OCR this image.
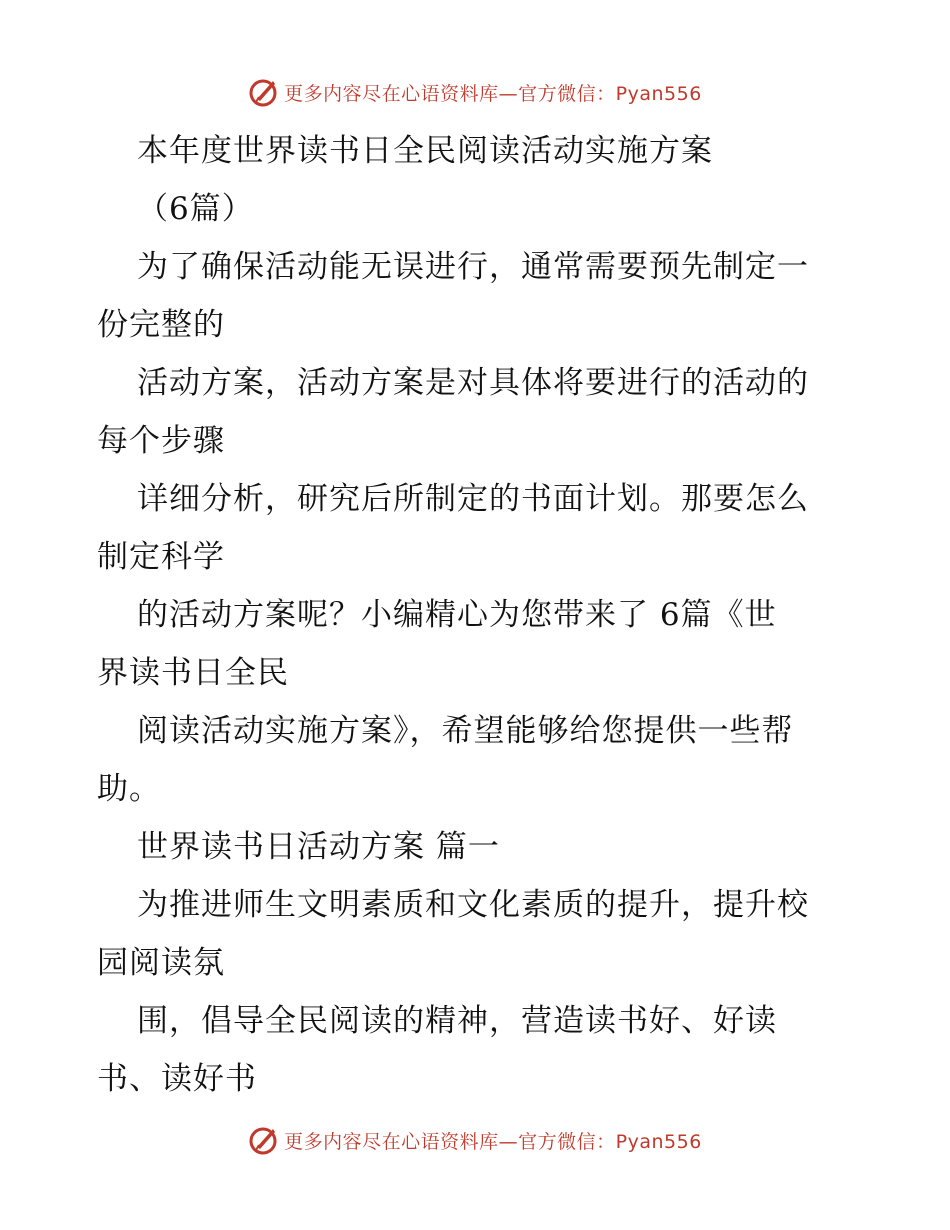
更多内容尽在心语资料库—官方微信：Pyan556
本年度世界读书日全民阅读活动实施方案
（6篇）
为了确保活动能无误进行，通常需要预先制定一
份完整的
活动方案，活动方案是对具体将要进行的活动的
每个步骤
详细分析，研究后所制定的书面计划。那要怎么
制定科学
的活动方案呢？小编精心为您带来了 6篇《世
界读书日全民
阅读活动实施方案》，希望能够给您提供一些帮
助。
世界读书日活动方案 篇一
为推进师生文明素质和文化素质的提升，提升校
园阅读氛
围，倡导全民阅读的精神，营造读书好、好读
书、读好书
更多内容尽在心语资料库—官方微信：Pyan556
